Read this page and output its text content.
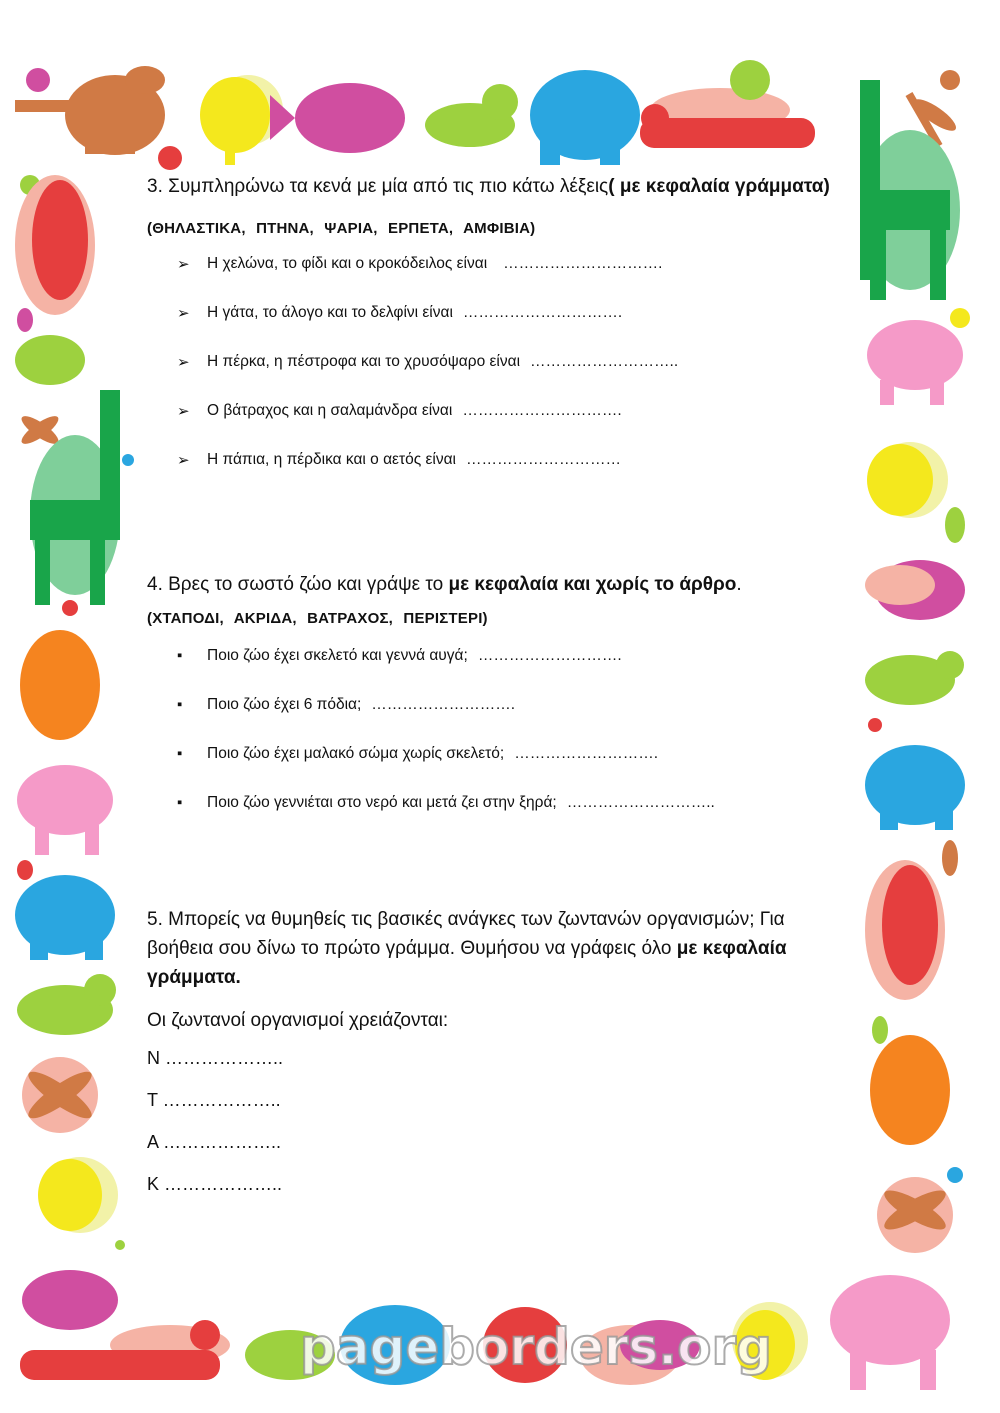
3. Συμπληρώνω τα κενά με μία από τις πιο κάτω λέξεις( με κεφαλαία γράμματα)

(ΘΗΛΑΣΤΙΚΑ, ΠΤΗΝΑ, ΨΑΡΙΑ, ΕΡΠΕΤΑ, ΑΜΦΙΒΙΑ)

➢ Η χελώνα, το φίδι και ο κροκόδειλος είναι ………………………….
➢ Η γάτα, το άλογο και το δελφίνι είναι ………………………….
➢ Η πέρκα, η πέστροφα και το χρυσόψαρο είναι ………………………..
➢ Ο βάτραχος και η σαλαμάνδρα είναι ………………………….
➢ Η πάπια, η πέρδικα και ο αετός είναι …………………………

4. Βρες το σωστό ζώο και γράψε το με κεφαλαία και χωρίς το άρθρο.

(ΧΤΑΠΟΔΙ, ΑΚΡΙΔΑ, ΒΑΤΡΑΧΟΣ, ΠΕΡΙΣΤΕΡΙ)

▪ Ποιο ζώο έχει σκελετό και γεννά αυγά; ……………………….
▪ Ποιο ζώο έχει 6 πόδια; ……………………….
▪ Ποιο ζώο έχει μαλακό σώμα χωρίς σκελετό; ……………………….
▪ Ποιο ζώο γεννιέται στο νερό και μετά ζει στην ξηρά; ………………………..

5. Μπορείς να θυμηθείς τις βασικές ανάγκες των ζωντανών οργανισμών; Για βοήθεια σου δίνω το πρώτο γράμμα. Θυμήσου να γράφεις όλο με κεφαλαία γράμματα.

Οι ζωντανοί οργανισμοί χρειάζονται:

Ν ………………..
Τ ………………..
Α ………………..
Κ ………………..
pageborders.org
